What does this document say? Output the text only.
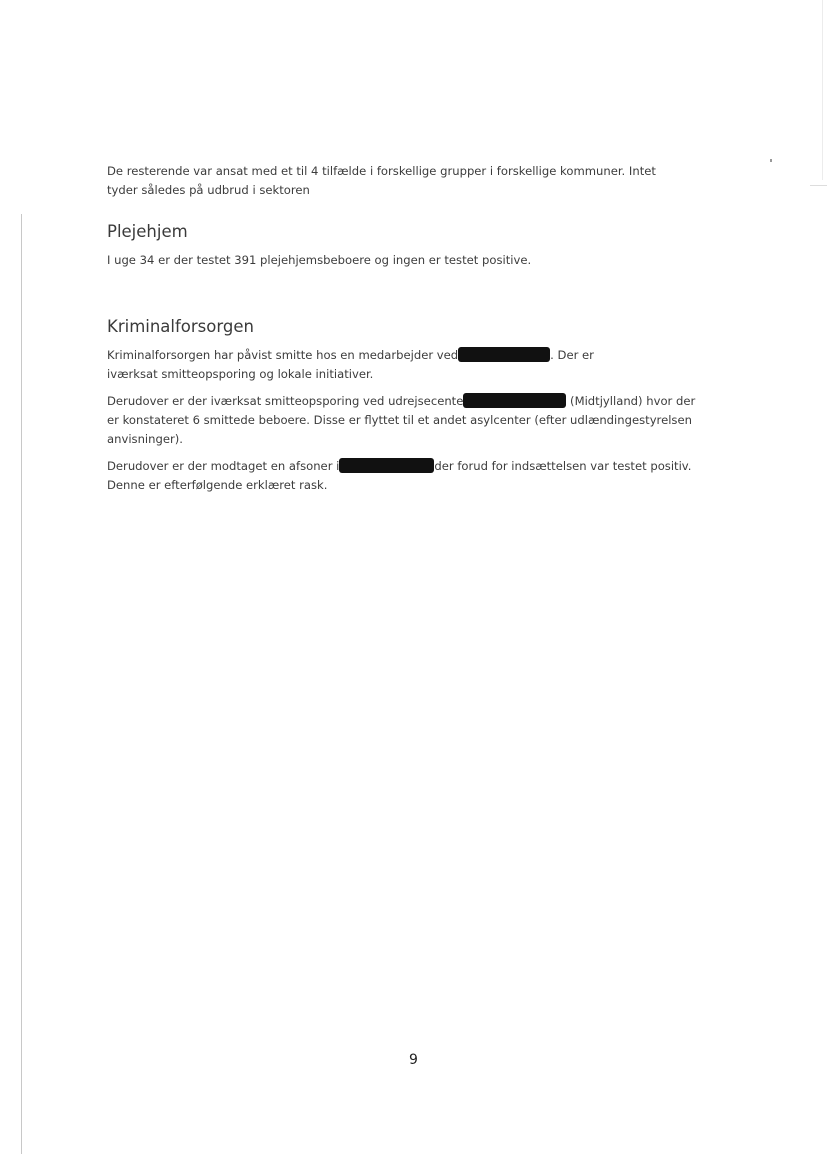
De resterende var ansat med et til 4 tilfælde i forskellige grupper i forskellige kommuner. Intet tyder således på udbrud i sektoren

Plejehjem

I uge 34 er der testet 391 plejehjemsbeboere og ingen er testet positive.

Kriminalforsorgen

Kriminalforsorgen har påvist smitte hos en medarbejder ved	. Der er iværksat smitteopsporing og lokale initiativer.

Derudover er der iværksat smitteopsporing ved udrejsecente	(Midtjylland) hvor der er konstateret 6 smittede beboere. Disse er flyttet til et andet asylcenter (efter udlændingestyrelsen anvisninger).

Derudover er der modtaget en afsoner i	der forud for indsættelsen var testet positiv. Denne er efterfølgende erklæret rask.

9
